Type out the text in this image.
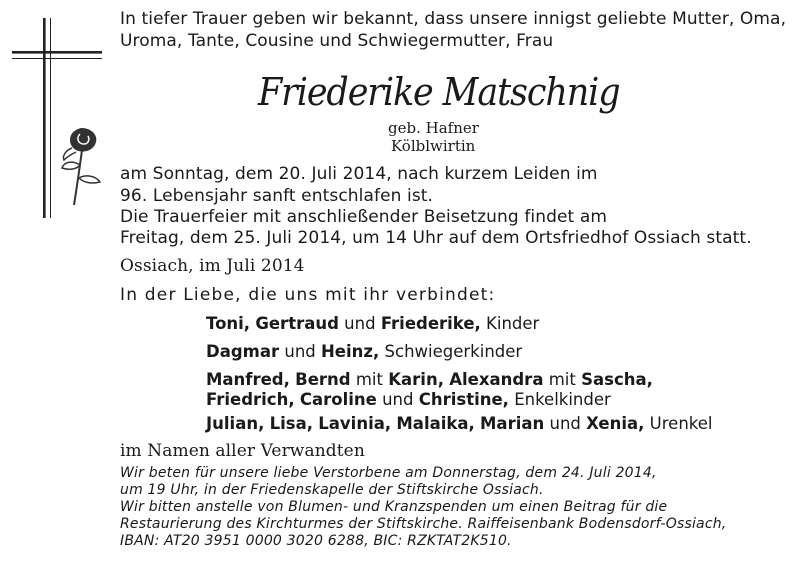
In tiefer Trauer geben wir bekannt, dass unsere innigst geliebte Mutter, Oma,
Uroma, Tante, Cousine und Schwiegermutter, Frau
Friederike Matschnig
geb. Hafner
Kölblwirtin
am Sonntag, dem 20. Juli 2014, nach kurzem Leiden im
96. Lebensjahr sanft entschlafen ist.
Die Trauerfeier mit anschließender Beisetzung findet am
Freitag, dem 25. Juli 2014, um 14 Uhr auf dem Ortsfriedhof Ossiach statt.
Ossiach, im Juli 2014
In der Liebe, die uns mit ihr verbindet:
Toni, Gertraud und Friederike, Kinder
Dagmar und Heinz, Schwiegerkinder
Manfred, Bernd mit Karin, Alexandra mit Sascha,
Friedrich, Caroline und Christine, Enkelkinder
Julian, Lisa, Lavinia, Malaika, Marian und Xenia, Urenkel
im Namen aller Verwandten
Wir beten für unsere liebe Verstorbene am Donnerstag, dem 24. Juli 2014,
um 19 Uhr, in der Friedenskapelle der Stiftskirche Ossiach.
Wir bitten anstelle von Blumen- und Kranzspenden um einen Beitrag für die
Restaurierung des Kirchturmes der Stiftskirche. Raiffeisenbank Bodensdorf-Ossiach,
IBAN: AT20 3951 0000 3020 6288, BIC: RZKTAT2K510.
